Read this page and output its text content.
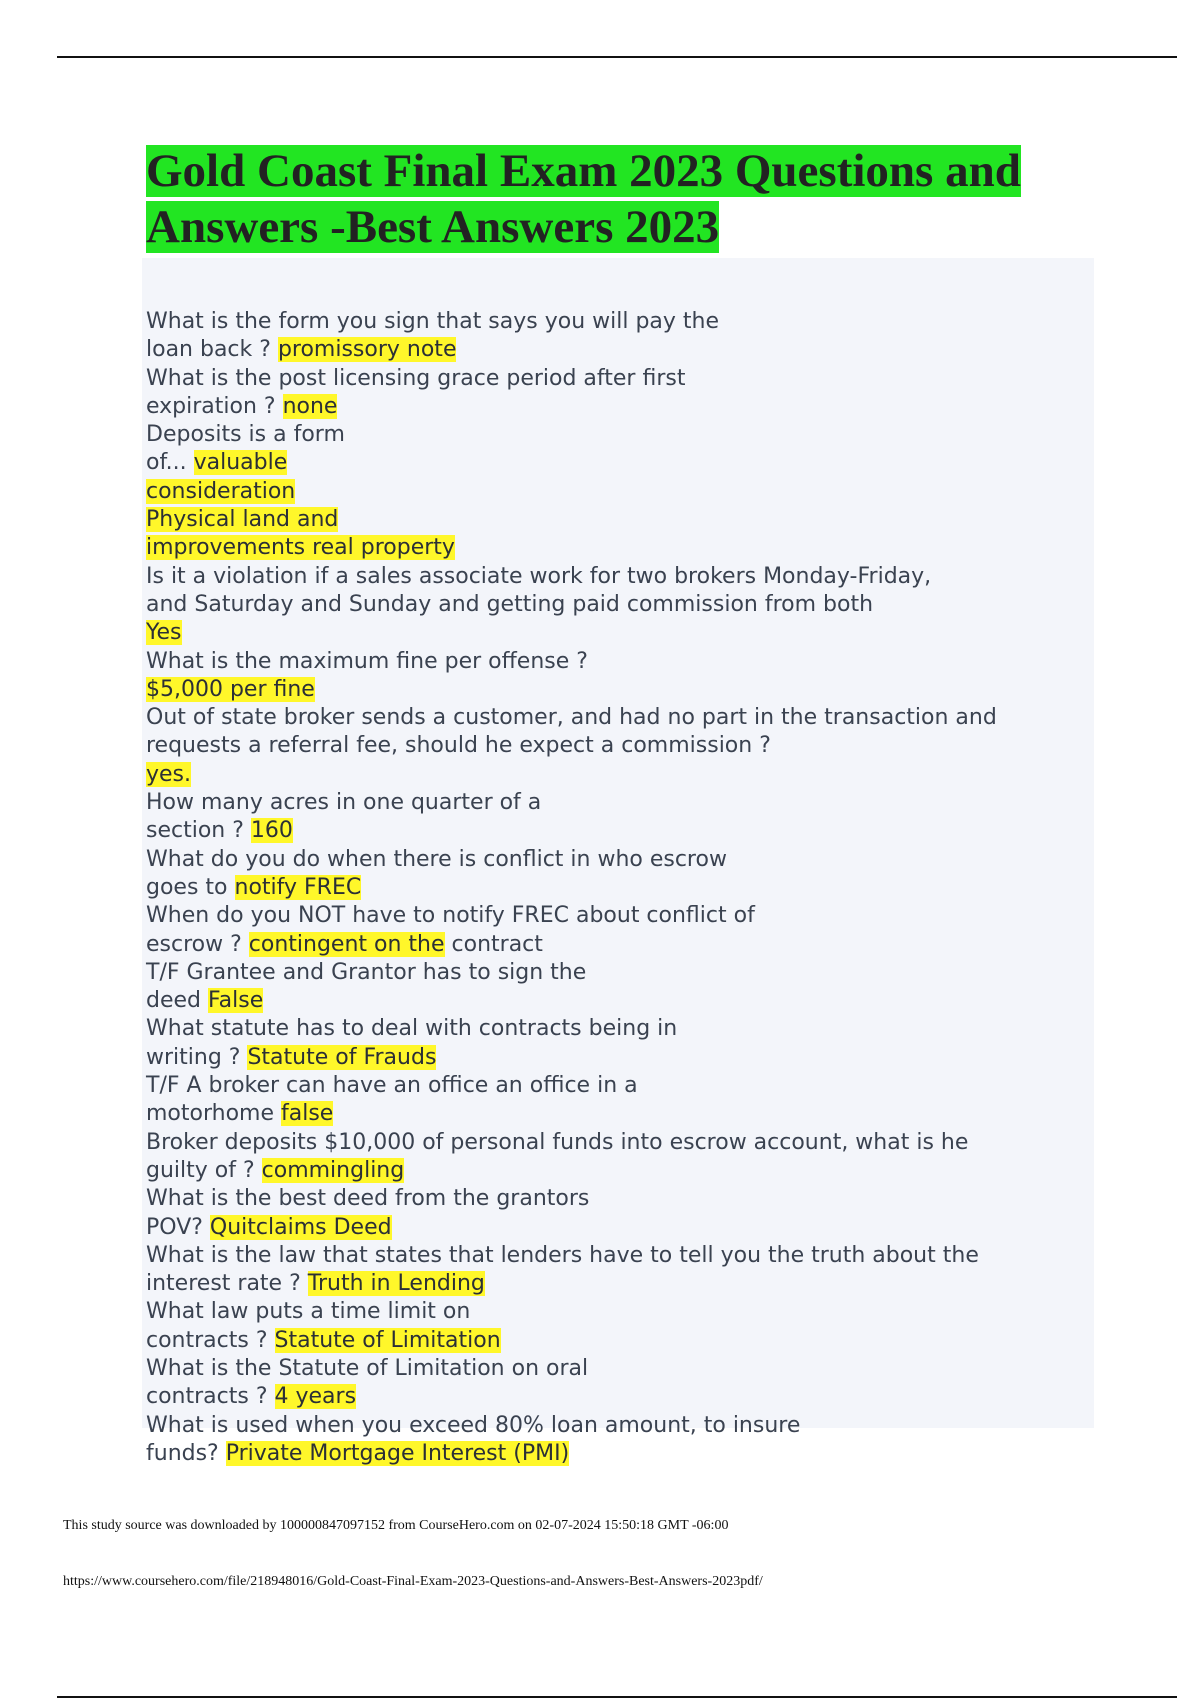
Gold Coast Final Exam 2023 Questions and Answers -Best Answers 2023
What is the form you sign that says you will pay the
loan back ? promissory note
What is the post licensing grace period after first
expiration ? none
Deposits is a form
of... valuable
consideration
Physical land and
improvements real property
Is it a violation if a sales associate work for two brokers Monday-Friday,
and Saturday and Sunday and getting paid commission from both
Yes
What is the maximum fine per offense ?
$5,000 per fine
Out of state broker sends a customer, and had no part in the transaction and
requests a referral fee, should he expect a commission ?
yes.
How many acres in one quarter of a
section ? 160
What do you do when there is conflict in who escrow
goes to notify FREC
When do you NOT have to notify FREC about conflict of
escrow ? contingent on the contract
T/F Grantee and Grantor has to sign the
deed False
What statute has to deal with contracts being in
writing ? Statute of Frauds
T/F A broker can have an office an office in a
motorhome false
Broker deposits $10,000 of personal funds into escrow account, what is he
guilty of ? commingling
What is the best deed from the grantors
POV? Quitclaims Deed
What is the law that states that lenders have to tell you the truth about the
interest rate ? Truth in Lending
What law puts a time limit on
contracts ? Statute of Limitation
What is the Statute of Limitation on oral
contracts ? 4 years
What is used when you exceed 80% loan amount, to insure
funds? Private Mortgage Interest (PMI)
This study source was downloaded by 100000847097152 from CourseHero.com on 02-07-2024 15:50:18 GMT -06:00
https://www.coursehero.com/file/218948016/Gold-Coast-Final-Exam-2023-Questions-and-Answers-Best-Answers-2023pdf/
